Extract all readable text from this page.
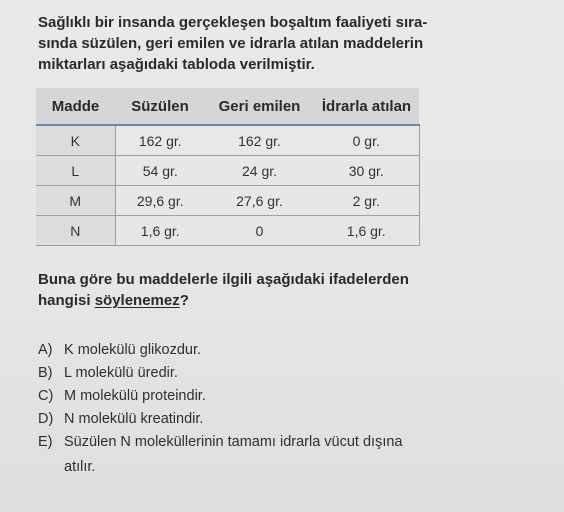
Sağlıklı bir insanda gerçekleşen boşaltım faaliyeti sıra-
sında süzülen, geri emilen ve idrarla atılan maddelerin
miktarları aşağıdaki tabloda verilmiştir.
Madde	Süzülen	Geri emilen	İdrarla atılan
K	162 gr.	162 gr.	0 gr.
L	54 gr.	24 gr.	30 gr.
M	29,6 gr.	27,6 gr.	2 gr.
N	1,6 gr.	0	1,6 gr.
Buna göre bu maddelerle ilgili aşağıdaki ifadelerden
hangisi söylenemez?
A) K molekülü glikozdur.
B) L molekülü üredir.
C) M molekülü proteindir.
D) N molekülü kreatindir.
E) Süzülen N moleküllerinin tamamı idrarla vücut dışına
atılır.
